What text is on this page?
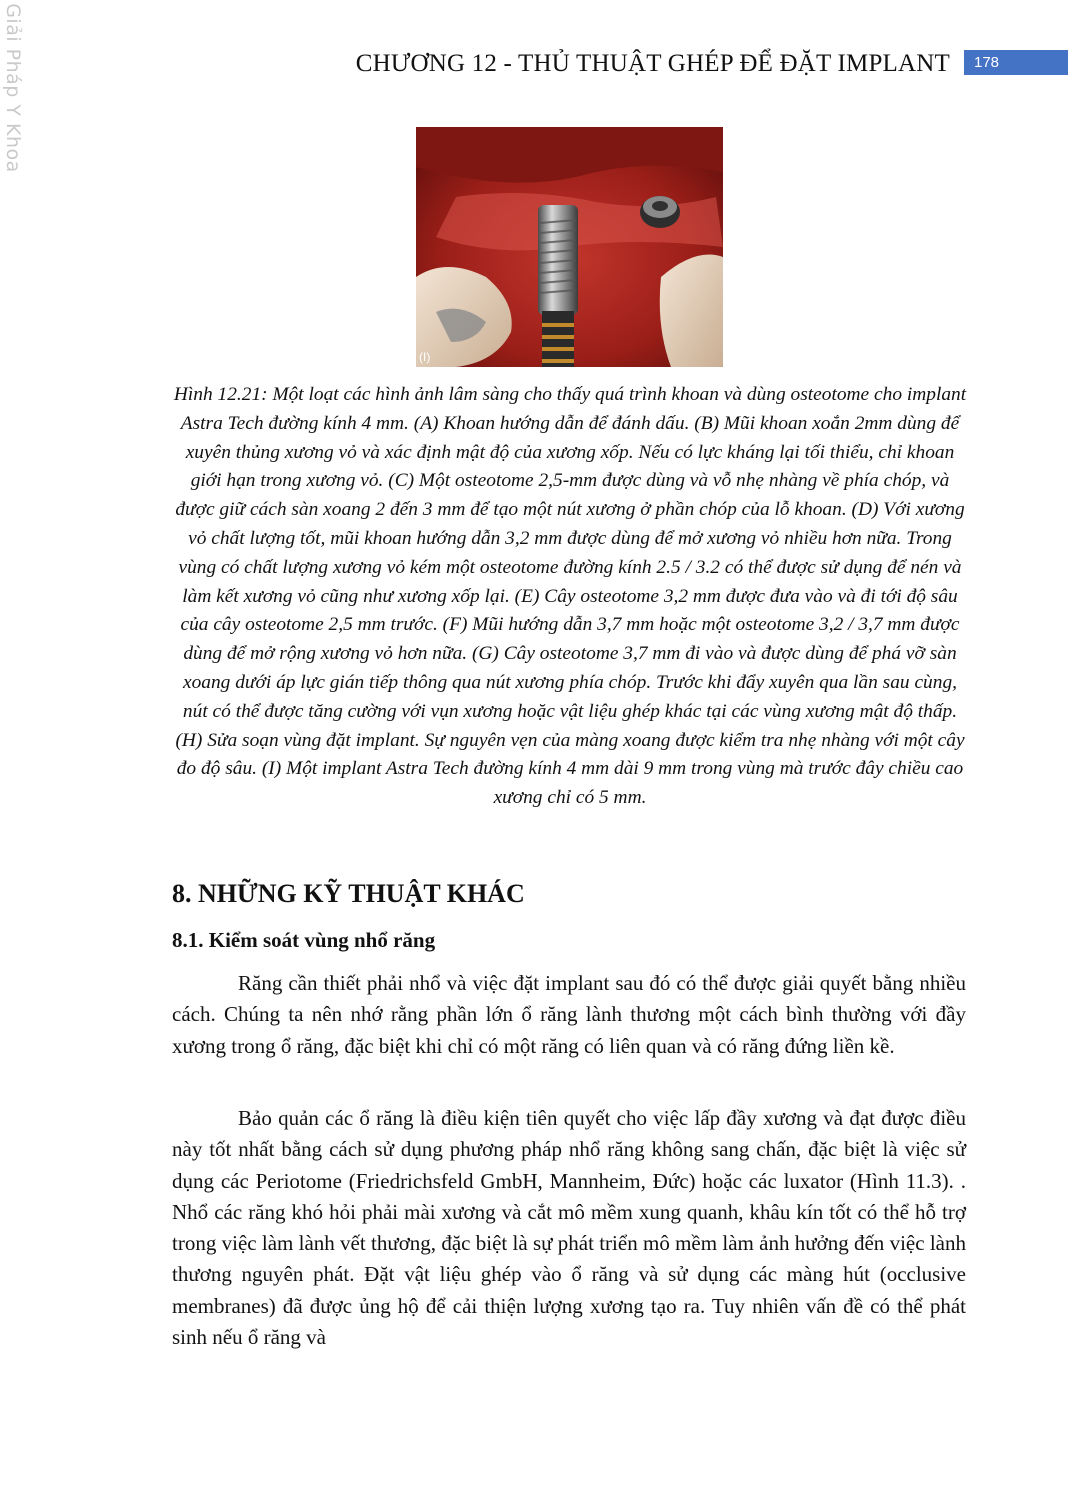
Giải Pháp Y Khoa	CHƯƠNG 12 - THỦ THUẬT GHÉP ĐỂ ĐẶT IMPLANT	178
(I)
Hình 12.21: Một loạt các hình ảnh lâm sàng cho thấy quá trình khoan và dùng osteotome cho implant Astra Tech đường kính 4 mm. (A) Khoan hướng dẫn để đánh dấu. (B) Mũi khoan xoắn 2mm dùng để xuyên thủng xương vỏ và xác định mật độ của xương xốp. Nếu có lực kháng lại tối thiểu, chỉ khoan giới hạn trong xương vỏ. (C) Một osteotome 2,5-mm được dùng và vỗ nhẹ nhàng về phía chóp, và được giữ cách sàn xoang 2 đến 3 mm để tạo một nút xương ở phần chóp của lỗ khoan. (D) Với xương vỏ chất lượng tốt, mũi khoan hướng dẫn 3,2 mm được dùng để mở xương vỏ nhiều hơn nữa. Trong vùng có chất lượng xương vỏ kém một osteotome đường kính 2.5 / 3.2 có thể được sử dụng để nén và làm kết xương vỏ cũng như xương xốp lại. (E) Cây osteotome 3,2 mm được đưa vào và đi tới độ sâu của cây osteotome 2,5 mm trước. (F) Mũi hướng dẫn 3,7 mm hoặc một osteotome 3,2 / 3,7 mm được dùng để mở rộng xương vỏ hơn nữa. (G) Cây osteotome 3,7 mm đi vào và được dùng để phá vỡ sàn xoang dưới áp lực gián tiếp thông qua nút xương phía chóp. Trước khi đẩy xuyên qua lần sau cùng, nút có thể được tăng cường với vụn xương hoặc vật liệu ghép khác tại các vùng xương mật độ thấp. (H) Sửa soạn vùng đặt implant. Sự nguyên vẹn của màng xoang được kiểm tra nhẹ nhàng với một cây đo độ sâu. (I) Một implant Astra Tech đường kính 4 mm dài 9 mm trong vùng mà trước đây chiều cao xương chỉ có 5 mm.
8. NHỮNG KỸ THUẬT KHÁC
8.1. Kiểm soát vùng nhổ răng

Răng cần thiết phải nhổ và việc đặt implant sau đó có thể được giải quyết bằng nhiều cách. Chúng ta nên nhớ rằng phần lớn ổ răng lành thương một cách bình thường với đầy xương trong ổ răng, đặc biệt khi chỉ có một răng có liên quan và có răng đứng liền kề.

Bảo quản các ổ răng là điều kiện tiên quyết cho việc lấp đầy xương và đạt được điều này tốt nhất bằng cách sử dụng phương pháp nhổ răng không sang chấn, đặc biệt là việc sử dụng các Periotome (Friedrichsfeld GmbH, Mannheim, Đức) hoặc các luxator (Hình 11.3). . Nhổ các răng khó hỏi phải mài xương và cắt mô mềm xung quanh, khâu kín tốt có thể hỗ trợ trong việc làm lành vết thương, đặc biệt là sự phát triển mô mềm làm ảnh hưởng đến việc lành thương nguyên phát. Đặt vật liệu ghép vào ổ răng và sử dụng các màng hút (occlusive membranes) đã được ủng hộ để cải thiện lượng xương tạo ra. Tuy nhiên vấn đề có thể phát sinh nếu ổ răng và
